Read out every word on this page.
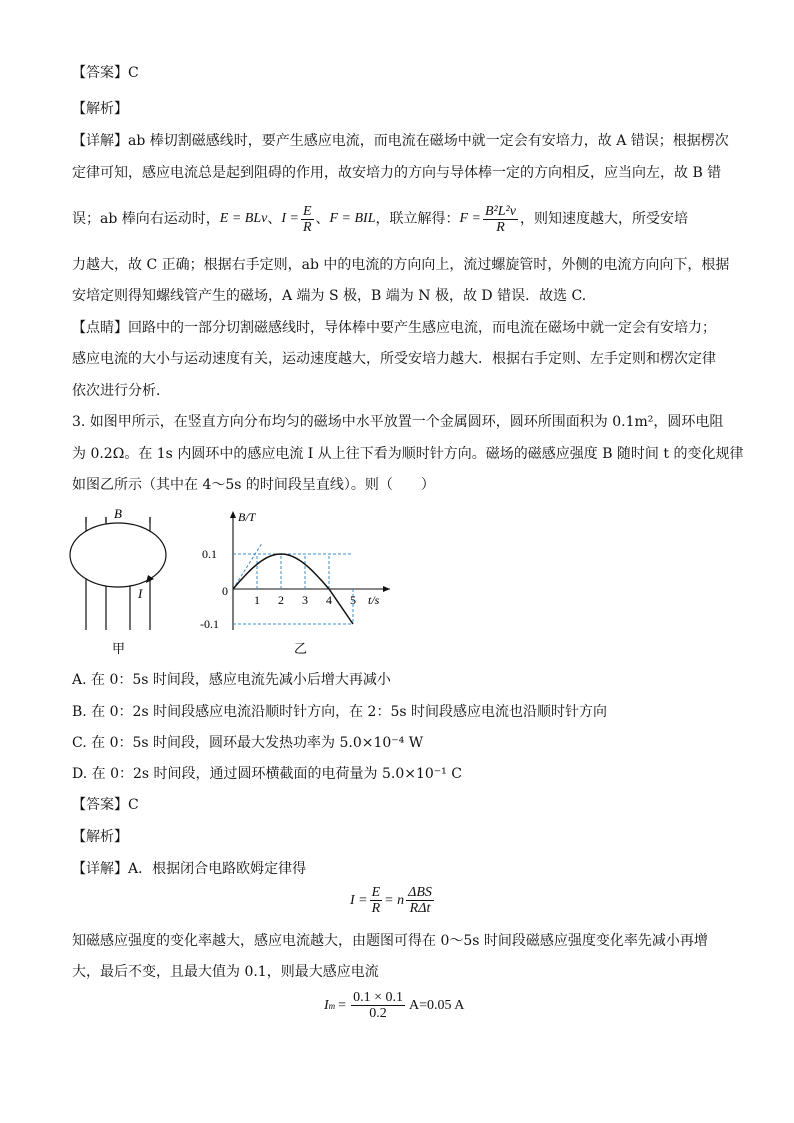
【答案】C
【解析】
【详解】ab 棒切割磁感线时，要产生感应电流，而电流在磁场中就一定会有安培力，故 A 错误；根据楞次
定律可知，感应电流总是起到阻碍的作用，故安培力的方向与导体棒一定的方向相反，应当向左，故 B 错
误；ab 棒向右运动时， E = BLv 、 $I = \frac{E}{R}$ 、 F = BIL ，联立解得： $F = \frac{\text{B²L²v}}{R}$ ，则知速度越大，所受安培
力越大，故 C 正确；根据右手定则，ab 中的电流的方向向上，流过螺旋管时，外侧的电流方向向下，根据
安培定则得知螺线管产生的磁场，A 端为 S 极，B 端为 N 极，故 D 错误．故选 C.
【点睛】回路中的一部分切割磁感线时，导体棒中要产生感应电流，而电流在磁场中就一定会有安培力；
感应电流的大小与运动速度有关，运动速度越大，所受安培力越大．根据右手定则、左手定则和楞次定律
依次进行分析．
3. 如图甲所示，在竖直方向分布均匀的磁场中水平放置一个金属圆环，圆环所围面积为 0.1m²，圆环电阻
为 0.2Ω。在 1s 内圆环中的感应电流 I 从上往下看为顺时针方向。磁场的磁感应强度 B 随时间 t 的变化规律
如图乙所示（其中在 4～5s 的时间段呈直线）。则（　　）
B
I
甲
B/T
t/s
0
1 2 3 4 5
0.1
-0.1
乙
A. 在 0：5s 时间段，感应电流先减小后增大再减小
B. 在 0：2s 时间段感应电流沿顺时针方向，在 2：5s 时间段感应电流也沿顺时针方向
C. 在 0：5s 时间段，圆环最大发热功率为 5.0×10⁻⁴ W
D. 在 0：2s 时间段，通过圆环横截面的电荷量为 5.0×10⁻¹ C
【答案】C
【解析】
【详解】A．根据闭合电路欧姆定律得
$I = \frac{E}{R} = n \frac{\text{ΔBS}}{\text{RΔt}}$
知磁感应强度的变化率越大，感应电流越大，由题图可得在 0～5s 时间段磁感应强度变化率先减小再增
大，最后不变，且最大值为 0.1，则最大感应电流
I $m = \frac{0.1 \times 0.1}{0.2} A=0.05$ A
